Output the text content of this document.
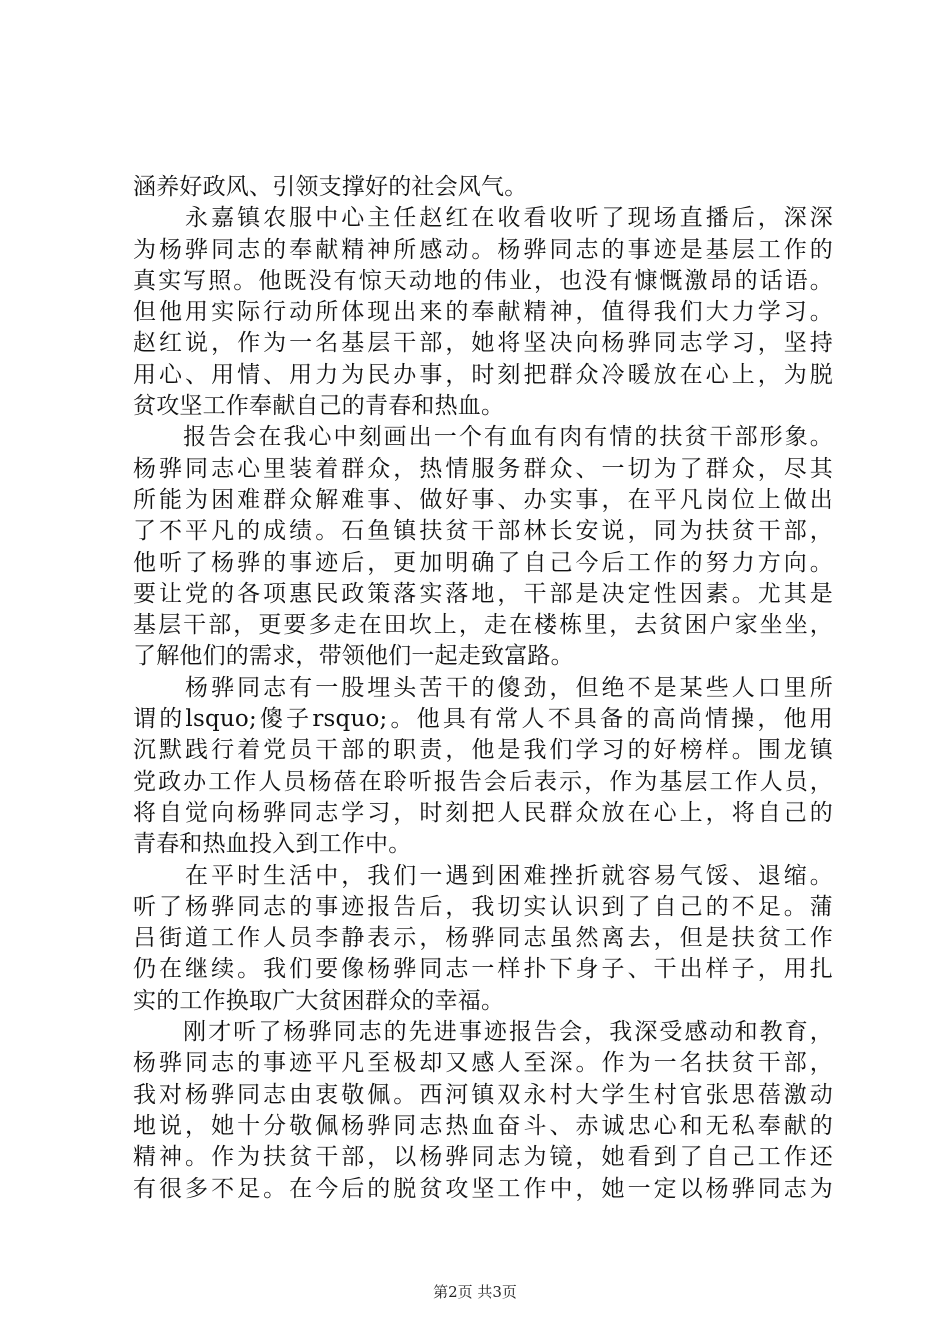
涵养好政风、引领支撑好的社会风气。
　　永嘉镇农服中心主任赵红在收看收听了现场直播后，深深
为杨骅同志的奉献精神所感动。杨骅同志的事迹是基层工作的
真实写照。他既没有惊天动地的伟业，也没有慷慨激昂的话语。
但他用实际行动所体现出来的奉献精神，值得我们大力学习。
赵红说，作为一名基层干部，她将坚决向杨骅同志学习，坚持
用心、用情、用力为民办事，时刻把群众冷暖放在心上，为脱
贫攻坚工作奉献自己的青春和热血。
　　报告会在我心中刻画出一个有血有肉有情的扶贫干部形象。
杨骅同志心里装着群众，热情服务群众、一切为了群众，尽其
所能为困难群众解难事、做好事、办实事，在平凡岗位上做出
了不平凡的成绩。石鱼镇扶贫干部林长安说，同为扶贫干部，
他听了杨骅的事迹后，更加明确了自己今后工作的努力方向。
要让党的各项惠民政策落实落地，干部是决定性因素。尤其是
基层干部，更要多走在田坎上，走在楼栋里，去贫困户家坐坐，
了解他们的需求，带领他们一起走致富路。
　　杨骅同志有一股埋头苦干的傻劲，但绝不是某些人口里所
谓的lsquo;傻子rsquo;。他具有常人不具备的高尚情操，他用
沉默践行着党员干部的职责，他是我们学习的好榜样。围龙镇
党政办工作人员杨蓓在聆听报告会后表示，作为基层工作人员，
将自觉向杨骅同志学习，时刻把人民群众放在心上，将自己的
青春和热血投入到工作中。
　　在平时生活中，我们一遇到困难挫折就容易气馁、退缩。
听了杨骅同志的事迹报告后，我切实认识到了自己的不足。蒲
吕街道工作人员李静表示，杨骅同志虽然离去，但是扶贫工作
仍在继续。我们要像杨骅同志一样扑下身子、干出样子，用扎
实的工作换取广大贫困群众的幸福。
　　刚才听了杨骅同志的先进事迹报告会，我深受感动和教育，
杨骅同志的事迹平凡至极却又感人至深。作为一名扶贫干部，
我对杨骅同志由衷敬佩。西河镇双永村大学生村官张思蓓激动
地说，她十分敬佩杨骅同志热血奋斗、赤诚忠心和无私奉献的
精神。作为扶贫干部，以杨骅同志为镜，她看到了自己工作还
有很多不足。在今后的脱贫攻坚工作中，她一定以杨骅同志为
第2页 共3页
